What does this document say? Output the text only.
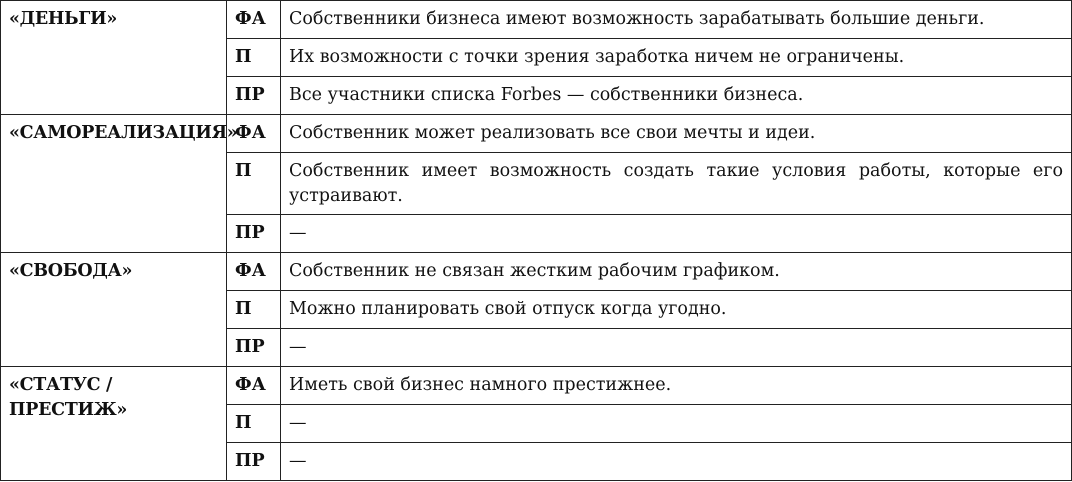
«ДЕНЬГИ»	ФА	Собственники бизнеса имеют возможность зарабатывать большие деньги.
	П	Их возможности с точки зрения заработка ничем не ограничены.
	ПР	Все участники списка Forbes — собственники бизнеса.
«САМОРЕАЛИЗАЦИЯ»	ФА	Собственник может реализовать все свои мечты и идеи.
	П	Собственник имеет возможность создать такие условия работы, которые его устраивают.
	ПР	—
«СВОБОДА»	ФА	Собственник не связан жестким рабочим графиком.
	П	Можно планировать свой отпуск когда угодно.
	ПР	—
«СТАТУС / ПРЕСТИЖ»	ФА	Иметь свой бизнес намного престижнее.
	П	—
	ПР	—
